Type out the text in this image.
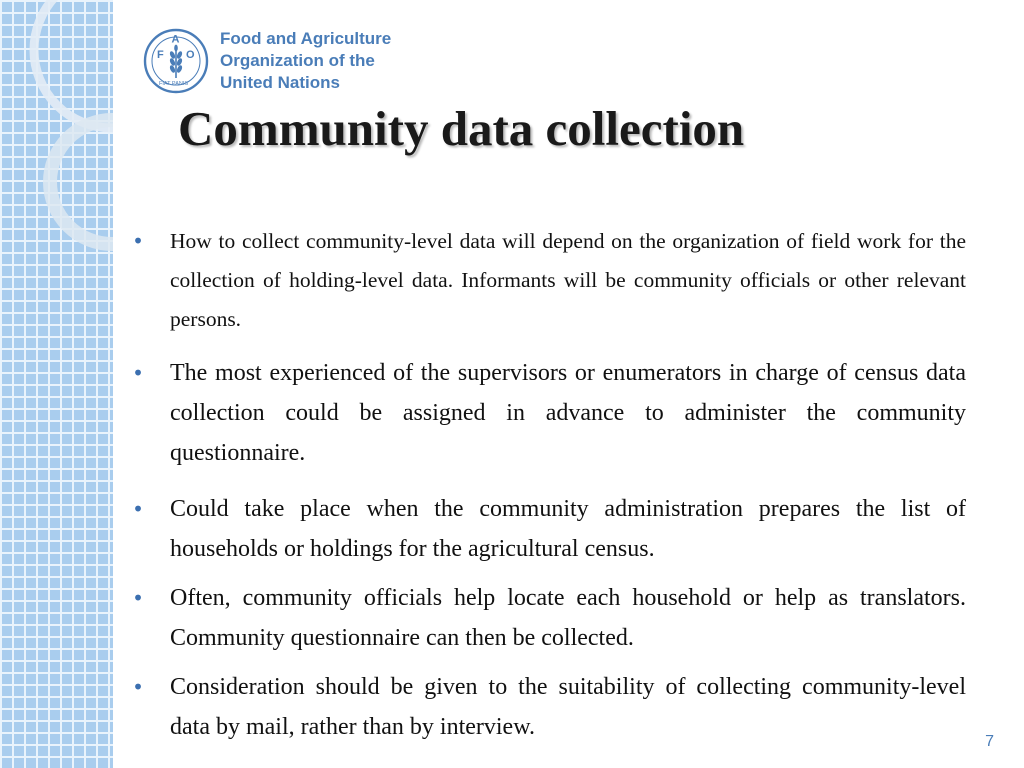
F
A
O
FIAT PANIS
Food and Agriculture
Organization of the
United Nations
Community data collection
• How to collect community-level data will depend on the organization of field work for the collection of holding-level data. Informants will be community officials or other relevant persons.
• The most experienced of the supervisors or enumerators in charge of census data collection could be assigned in advance to administer the community questionnaire.
• Could take place when the community administration prepares the list of households or holdings for the agricultural census.
• Often, community officials help locate each household or help as translators. Community questionnaire can then be collected.
• Consideration should be given to the suitability of collecting community-level data by mail, rather than by interview.
7
